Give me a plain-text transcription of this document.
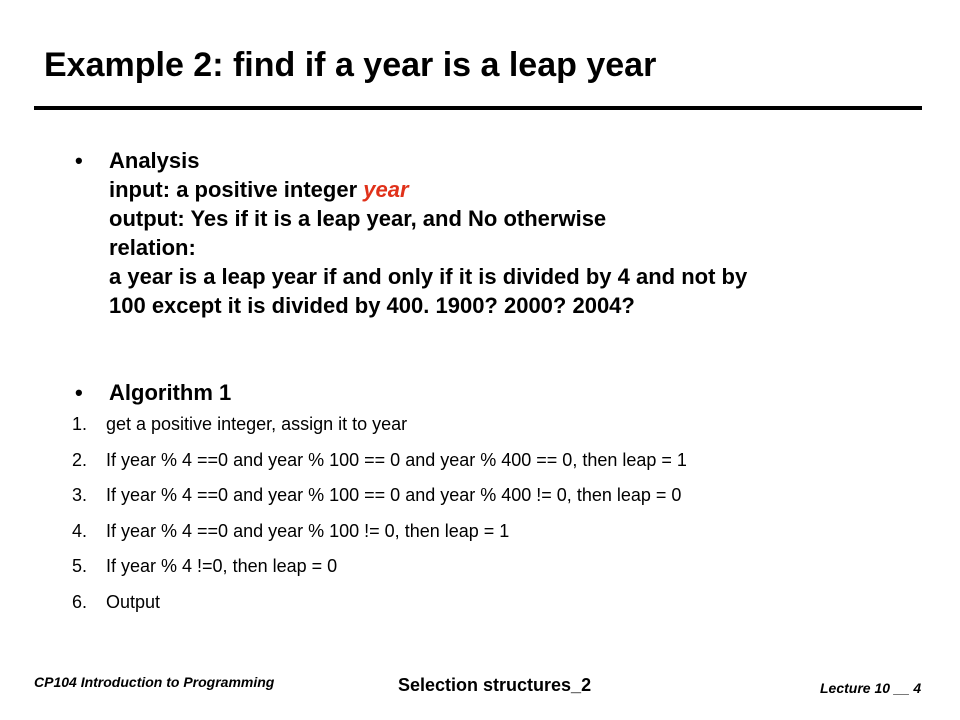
Example 2: find if a year is a leap year
• Analysis
input: a positive integer year
output: Yes if it is a leap year, and No otherwise
relation:
a year is a leap year if and only if it is divided by 4 and not by
100 except it is divided by 400. 1900? 2000? 2004?
• Algorithm 1
1. get a positive integer, assign it to year
2. If year % 4 ==0 and year % 100 == 0 and year % 400 == 0, then leap = 1
3. If year % 4 ==0 and year % 100 == 0 and year % 400 != 0, then leap = 0
4. If year % 4 ==0 and year % 100 != 0, then leap = 1
5. If year % 4 !=0, then leap = 0
6. Output
CP104 Introduction to Programming	Selection structures_2	Lecture 10 __ 4
